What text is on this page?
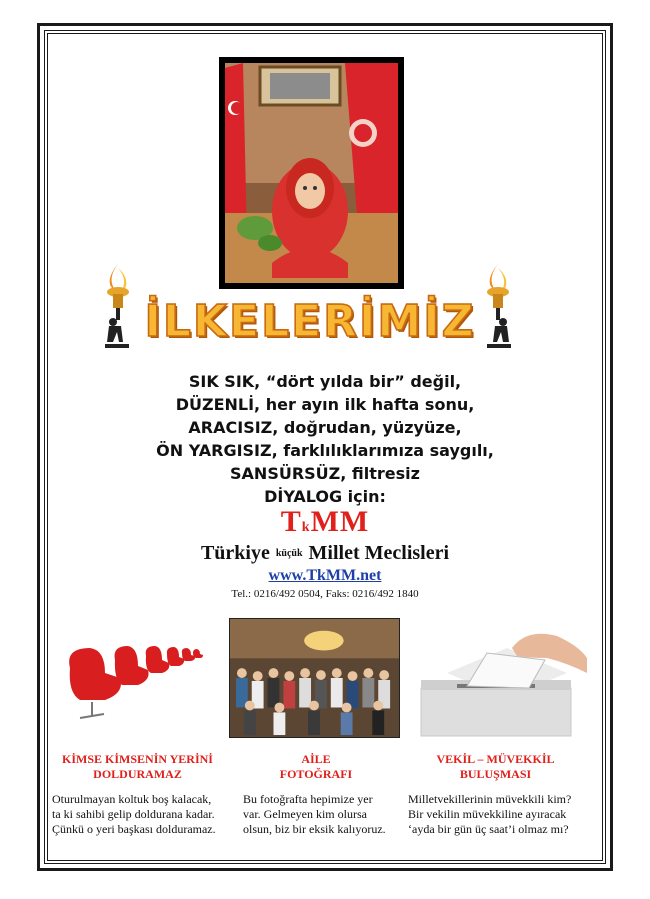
İLKELERİMİZ
SIK SIK, “dört yılda bir” değil,
DÜZENLİ, her ayın ilk hafta sonu,
ARACISIZ, doğrudan, yüzyüze,
ÖN YARGISIZ, farklılıklarımıza saygılı,
SANSÜRSÜZ, filtresiz
DİYALOG için:
TkMM
Türkiye küçük Millet Meclisleri
www.TkMM.net
Tel.: 0216/492 0504, Faks: 0216/492 1840
KİMSE KİMSENİN YERİNİ
DOLDURAMAZ
AİLE
FOTOĞRAFI
VEKİL – MÜVEKKİL
BULUŞMASI
Oturulmayan koltuk boş kalacak,
ta ki sahibi gelip doldurana kadar.
Çünkü o yeri başkası dolduramaz.
Bu fotoğrafta hepimize yer
var. Gelmeyen kim olursa
olsun, biz bir eksik kalıyoruz.
Milletvekillerinin müvekkili kim?
Bir vekilin müvekkiline ayıracak
‘ayda bir gün üç saat’i olmaz mı?
